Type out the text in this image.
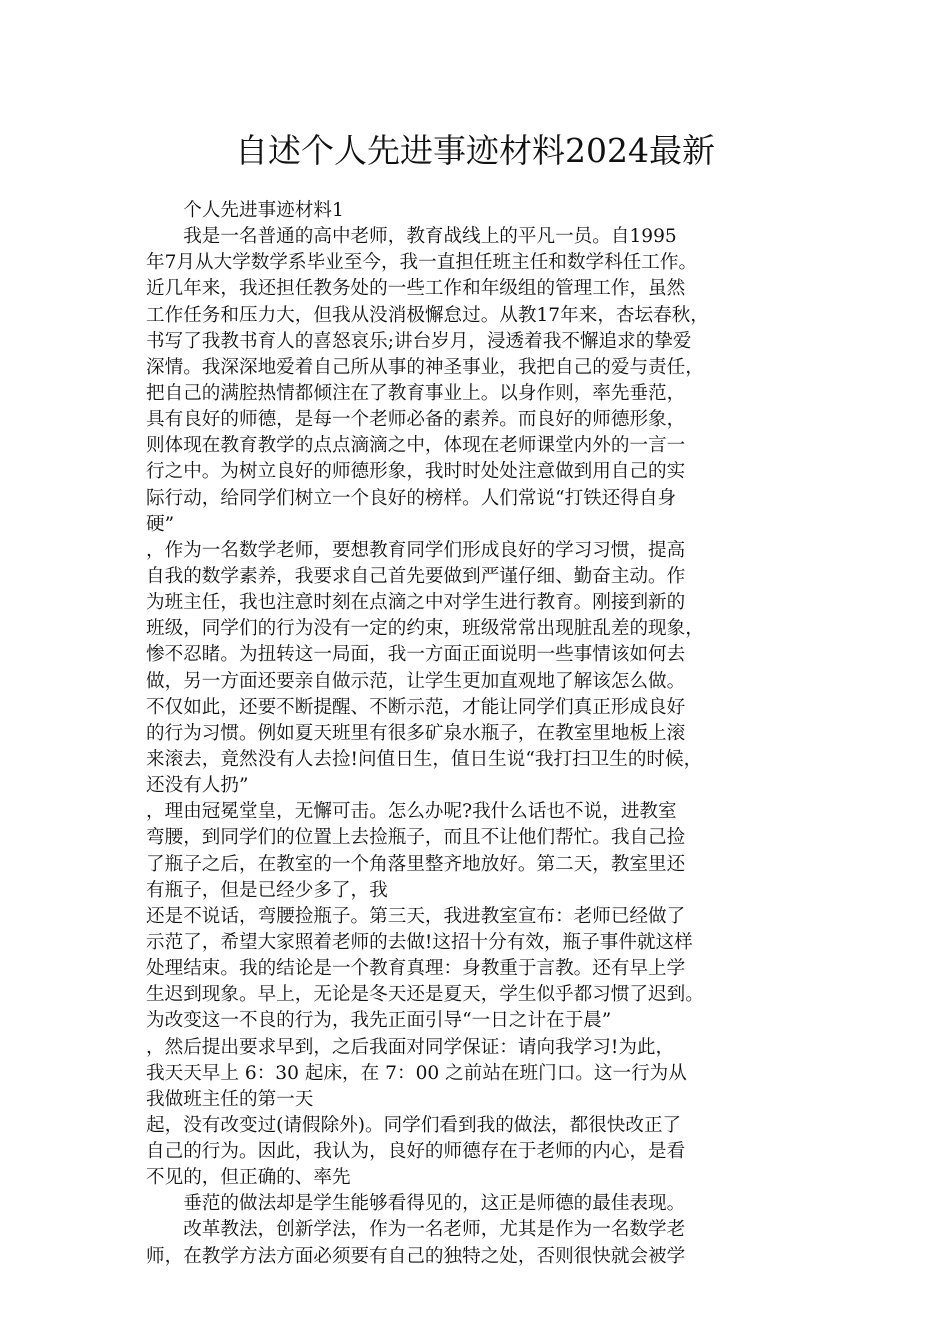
自述个人先进事迹材料2024最新
　　个人先进事迹材料1
　　我是一名普通的高中老师，教育战线上的平凡一员。自1995
年7月从大学数学系毕业至今，我一直担任班主任和数学科任工作。
近几年来，我还担任教务处的一些工作和年级组的管理工作，虽然
工作任务和压力大，但我从没消极懈怠过。从教17年来，杏坛春秋，
书写了我教书育人的喜怒哀乐;讲台岁月，浸透着我不懈追求的挚爱
深情。我深深地爱着自己所从事的神圣事业，我把自己的爱与责任，
把自己的满腔热情都倾注在了教育事业上。以身作则，率先垂范，
具有良好的师德，是每一个老师必备的素养。而良好的师德形象，
则体现在教育教学的点点滴滴之中，体现在老师课堂内外的一言一
行之中。为树立良好的师德形象，我时时处处注意做到用自己的实
际行动，给同学们树立一个良好的榜样。人们常说“打铁还得自身
硬”
，作为一名数学老师，要想教育同学们形成良好的学习习惯，提高
自我的数学素养，我要求自己首先要做到严谨仔细、勤奋主动。作
为班主任，我也注意时刻在点滴之中对学生进行教育。刚接到新的
班级，同学们的行为没有一定的约束，班级常常出现脏乱差的现象，
惨不忍睹。为扭转这一局面，我一方面正面说明一些事情该如何去
做，另一方面还要亲自做示范，让学生更加直观地了解该怎么做。
不仅如此，还要不断提醒、不断示范，才能让同学们真正形成良好
的行为习惯。例如夏天班里有很多矿泉水瓶子，在教室里地板上滚
来滚去，竟然没有人去捡!问值日生，值日生说“我打扫卫生的时候，
还没有人扔”
，理由冠冕堂皇，无懈可击。怎么办呢?我什么话也不说，进教室
弯腰，到同学们的位置上去捡瓶子，而且不让他们帮忙。我自己捡
了瓶子之后，在教室的一个角落里整齐地放好。第二天，教室里还
有瓶子，但是已经少多了，我
还是不说话，弯腰捡瓶子。第三天，我进教室宣布：老师已经做了
示范了，希望大家照着老师的去做!这招十分有效，瓶子事件就这样
处理结束。我的结论是一个教育真理：身教重于言教。还有早上学
生迟到现象。早上，无论是冬天还是夏天，学生似乎都习惯了迟到。
为改变这一不良的行为，我先正面引导“一日之计在于晨”
，然后提出要求早到，之后我面对同学保证：请向我学习!为此，
我天天早上 6：30 起床，在 7：00 之前站在班门口。这一行为从
我做班主任的第一天
起，没有改变过(请假除外)。同学们看到我的做法，都很快改正了
自己的行为。因此，我认为，良好的师德存在于老师的内心，是看
不见的，但正确的、率先
　　垂范的做法却是学生能够看得见的，这正是师德的最佳表现。
　　改革教法，创新学法，作为一名老师，尤其是作为一名数学老
师，在教学方法方面必须要有自己的独特之处，否则很快就会被学
